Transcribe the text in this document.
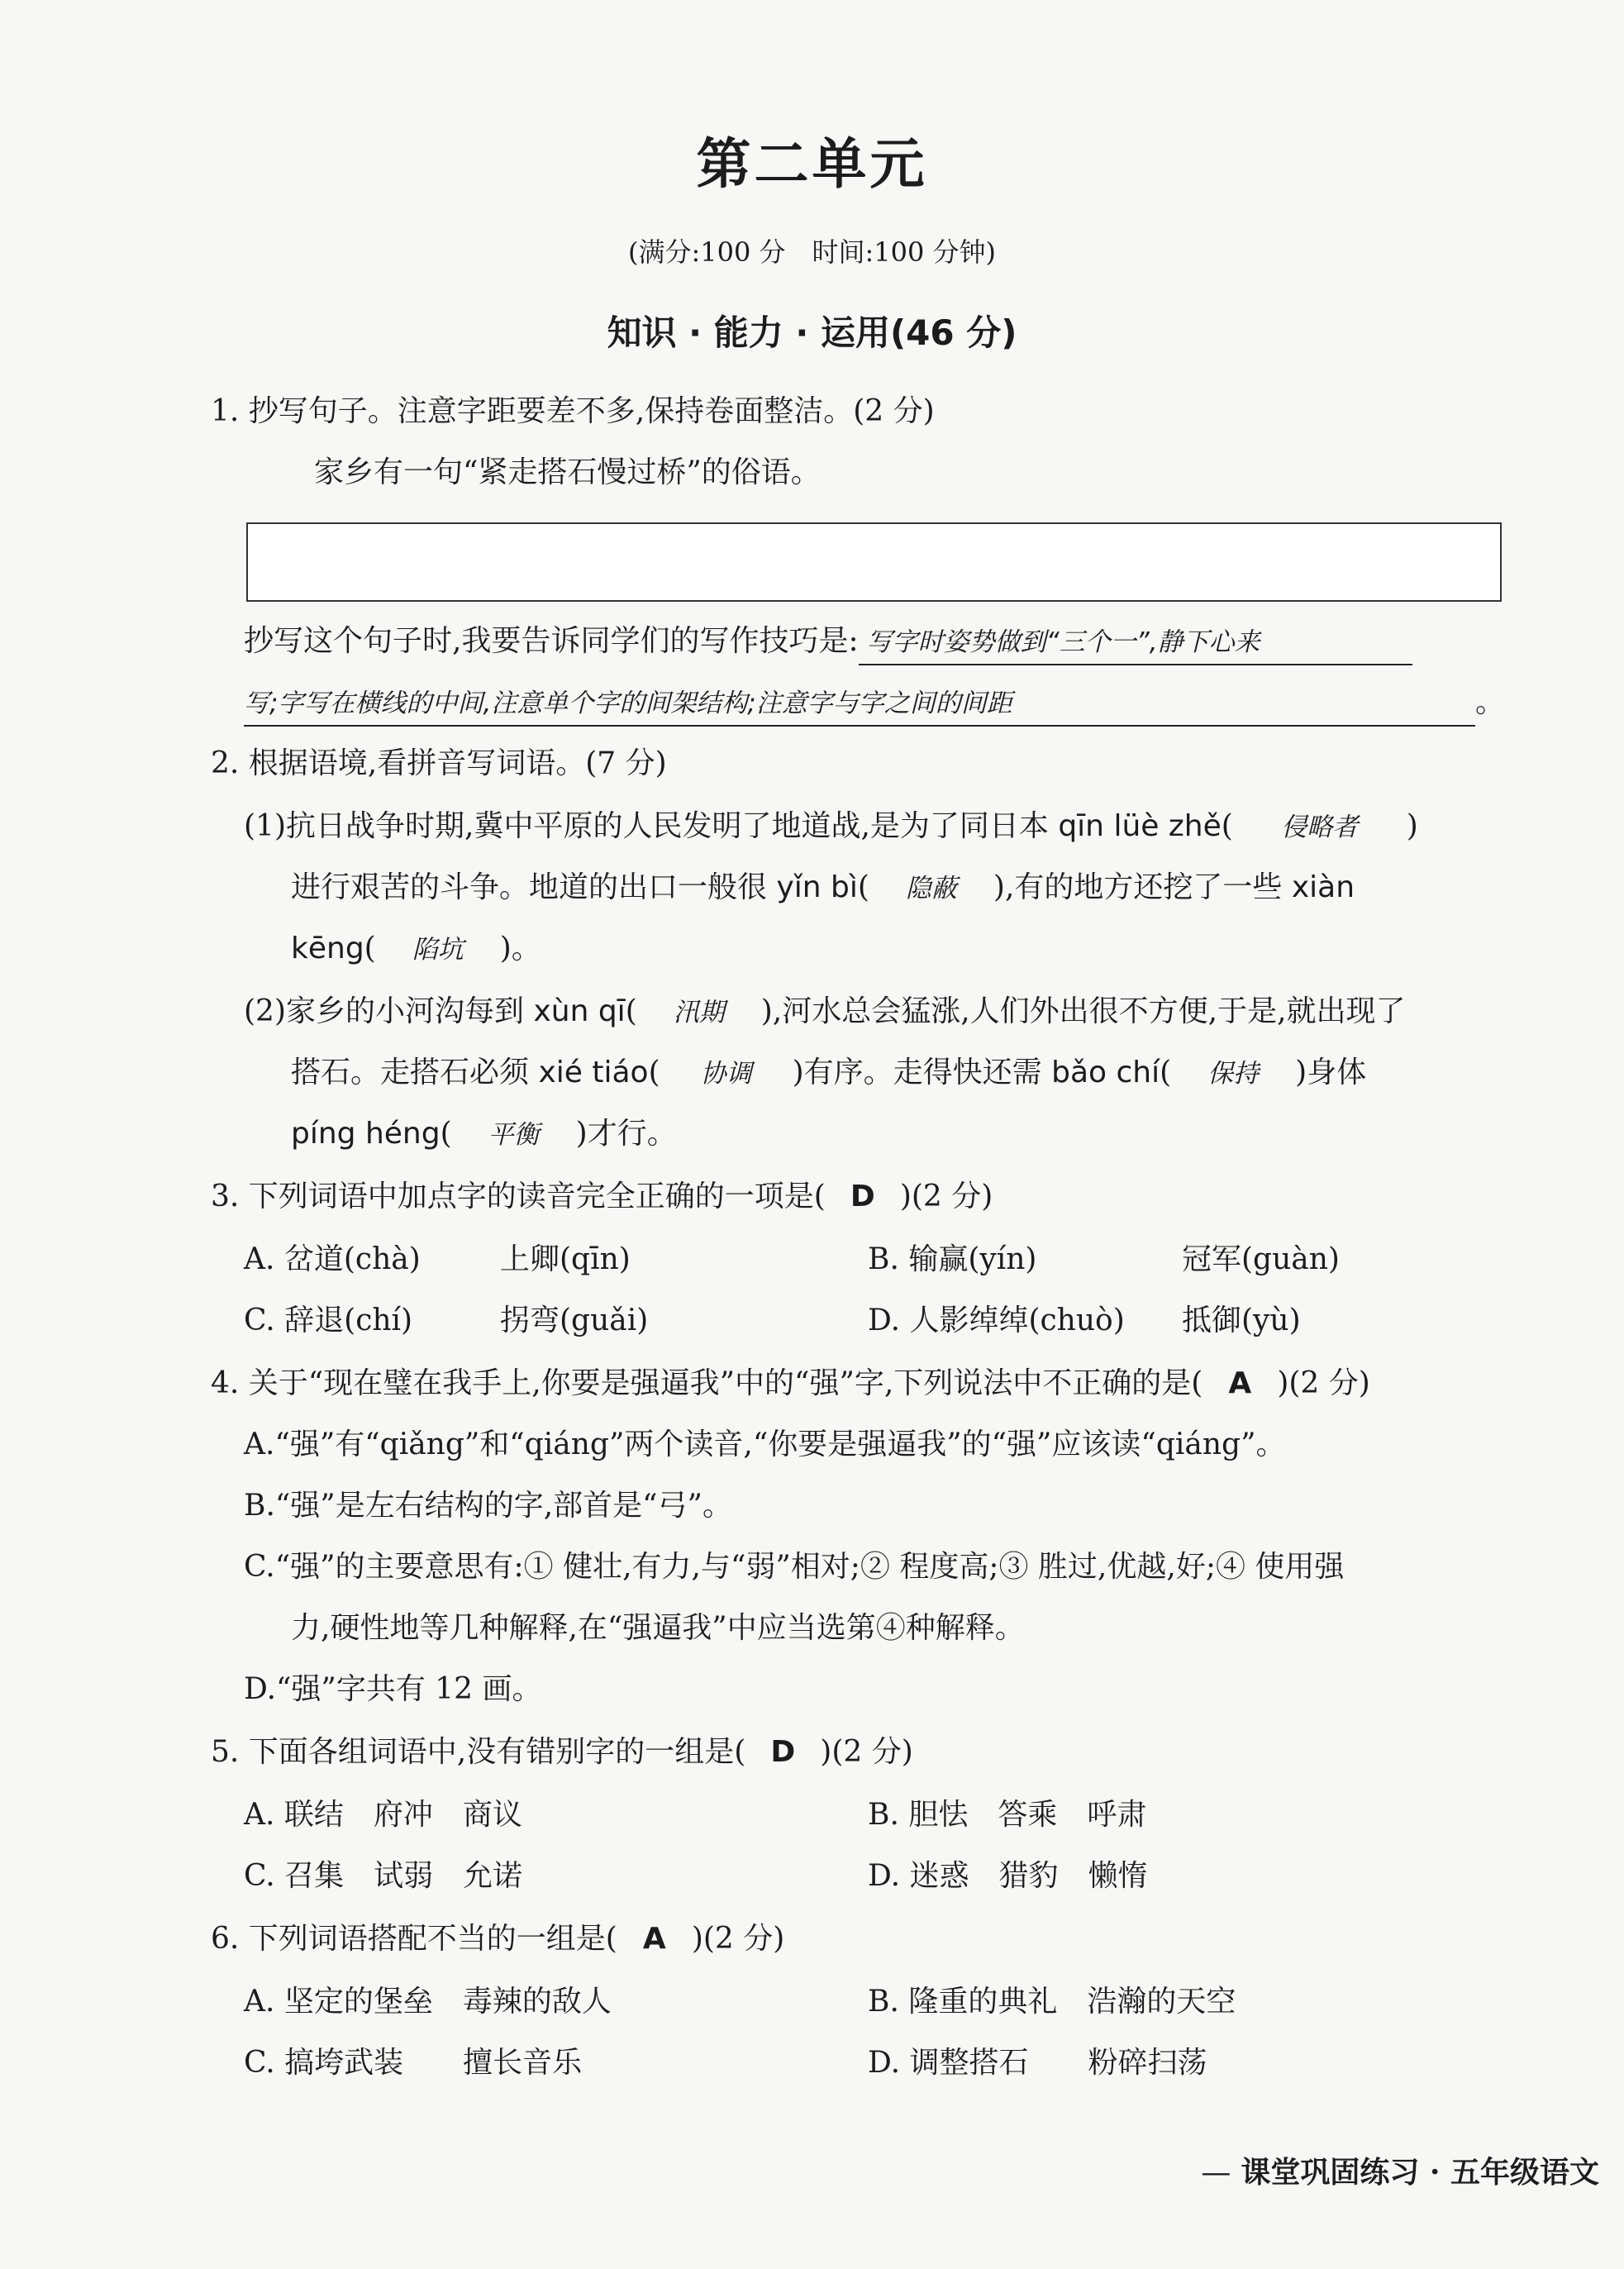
第二单元
(满分:100 分　时间:100 分钟)
知识 · 能力 · 运用(46 分)
1. 抄写句子。注意字距要差不多,保持卷面整洁。(2 分)
家乡有一句“紧走搭石慢过桥”的俗语。
抄写这个句子时,我要告诉同学们的写作技巧是: 写字时姿势做到“三个一”,静下心来
写;字写在横线的中间,注意单个字的间架结构;注意字与字之间的间距	。
2. 根据语境,看拼音写词语。(7 分)
(1)抗日战争时期,冀中平原的人民发明了地道战,是为了同日本 qīn lüè zhě( 侵略者 )
进行艰苦的斗争。地道的出口一般很 yǐn bì( 隐蔽 ),有的地方还挖了一些 xiàn
kēng( 陷坑 )。
(2)家乡的小河沟每到 xùn qī( 汛期 ),河水总会猛涨,人们外出很不方便,于是,就出现了
搭石。走搭石必须 xié tiáo( 协调 )有序。走得快还需 bǎo chí( 保持 )身体
píng héng( 平衡 )才行。
3. 下列词语中加点字的读音完全正确的一项是( D )(2 分)
A. 岔道(chà)	上卿(qīn)	B. 输赢(yín)	冠军(guàn)
C. 辞退(chí)	拐弯(guǎi)	D. 人影绰绰(chuò) 抵御(yù)
4. 关于“现在璧在我手上,你要是强逼我”中的“强”字,下列说法中不正确的是( A )(2 分)
A.“强”有“qiǎng”和“qiáng”两个读音,“你要是强逼我”的“强”应该读“qiáng”。
B.“强”是左右结构的字,部首是“弓”。
C.“强”的主要意思有:① 健壮,有力,与“弱”相对;② 程度高;③ 胜过,优越,好;④ 使用强
力,硬性地等几种解释,在“强逼我”中应当选第④种解释。
D.“强”字共有 12 画。
5. 下面各组词语中,没有错别字的一组是( D )(2 分)
A. 联结　府冲　商议	B. 胆怯　答乘　呼肃
C. 召集　试弱　允诺	D. 迷惑　猎豹　懒惰
6. 下列词语搭配不当的一组是( A )(2 分)
A. 坚定的堡垒　毒辣的敌人	B. 隆重的典礼　浩瀚的天空
C. 搞垮武装　　擅长音乐	D. 调整搭石　　粉碎扫荡
— 课堂巩固练习 · 五年级语文
